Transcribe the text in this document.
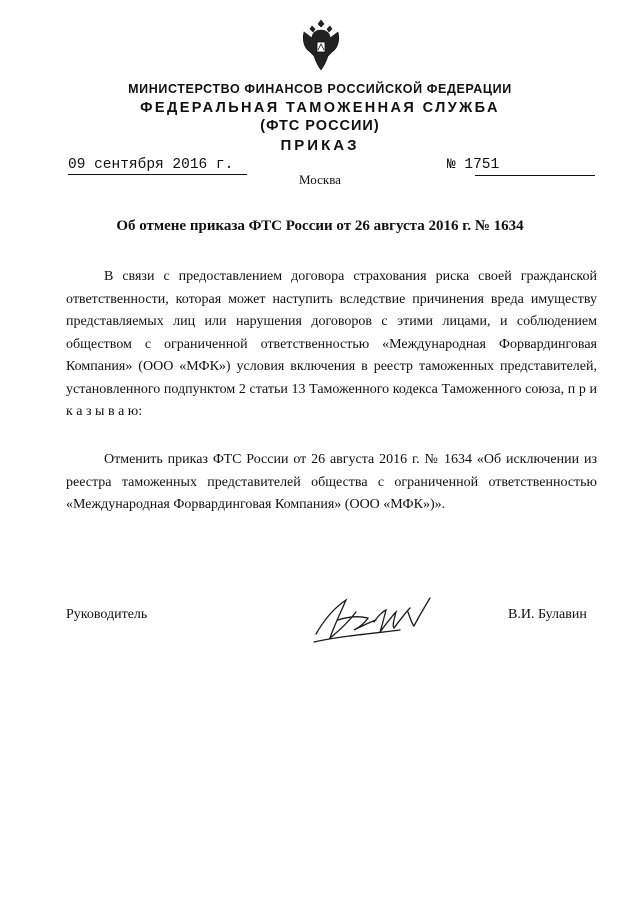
МИНИСТЕРСТВО ФИНАНСОВ РОССИЙСКОЙ ФЕДЕРАЦИИ
ФЕДЕРАЛЬНАЯ ТАМОЖЕННАЯ СЛУЖБА
(ФТС РОССИИ)
ПРИКАЗ
09 сентября 2016 г.	№ 1751
Москва
Об отмене приказа ФТС России от 26 августа 2016 г. № 1634

В связи с предоставлением договора страхования риска своей гражданской ответственности, которая может наступить вследствие причинения вреда имуществу представляемых лиц или нарушения договоров с этими лицами, и соблюдением обществом с ограниченной ответственностью «Международная Форвардинговая Компания» (ООО «МФК») условия включения в реестр таможенных представителей, установленного подпунктом 2 статьи 13 Таможенного кодекса Таможенного союза, п р и к а з ы в а ю:

Отменить приказ ФТС России от 26 августа 2016 г. № 1634 «Об исключении из реестра таможенных представителей общества с ограниченной ответственностью «Международная Форвардинговая Компания» (ООО «МФК»)».

Руководитель	В.И. Булавин
